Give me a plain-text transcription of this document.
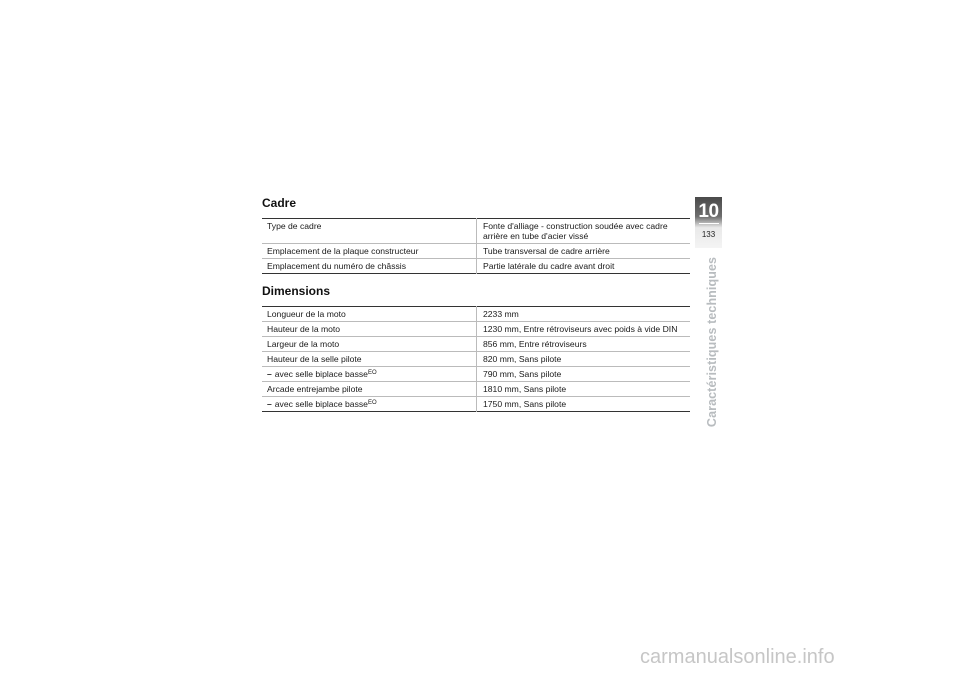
Cadre
Type de cadre	Fonte d'alliage - construction soudée avec cadre arrière en tube d'acier vissé
Emplacement de la plaque constructeur	Tube transversal de cadre arrière
Emplacement du numéro de châssis	Partie latérale du cadre avant droit
Dimensions
Longueur de la moto	2233 mm
Hauteur de la moto	1230 mm, Entre rétroviseurs avec poids à vide DIN
Largeur de la moto	856 mm, Entre rétroviseurs
Hauteur de la selle pilote	820 mm, Sans pilote
– avec selle biplace basse$^{EO}$	790 mm, Sans pilote
Arcade entrejambe pilote	1810 mm, Sans pilote
– avec selle biplace basse$^{EO}$	1750 mm, Sans pilote
10
133
Caractéristiques techniques
carmanualsonline.info
